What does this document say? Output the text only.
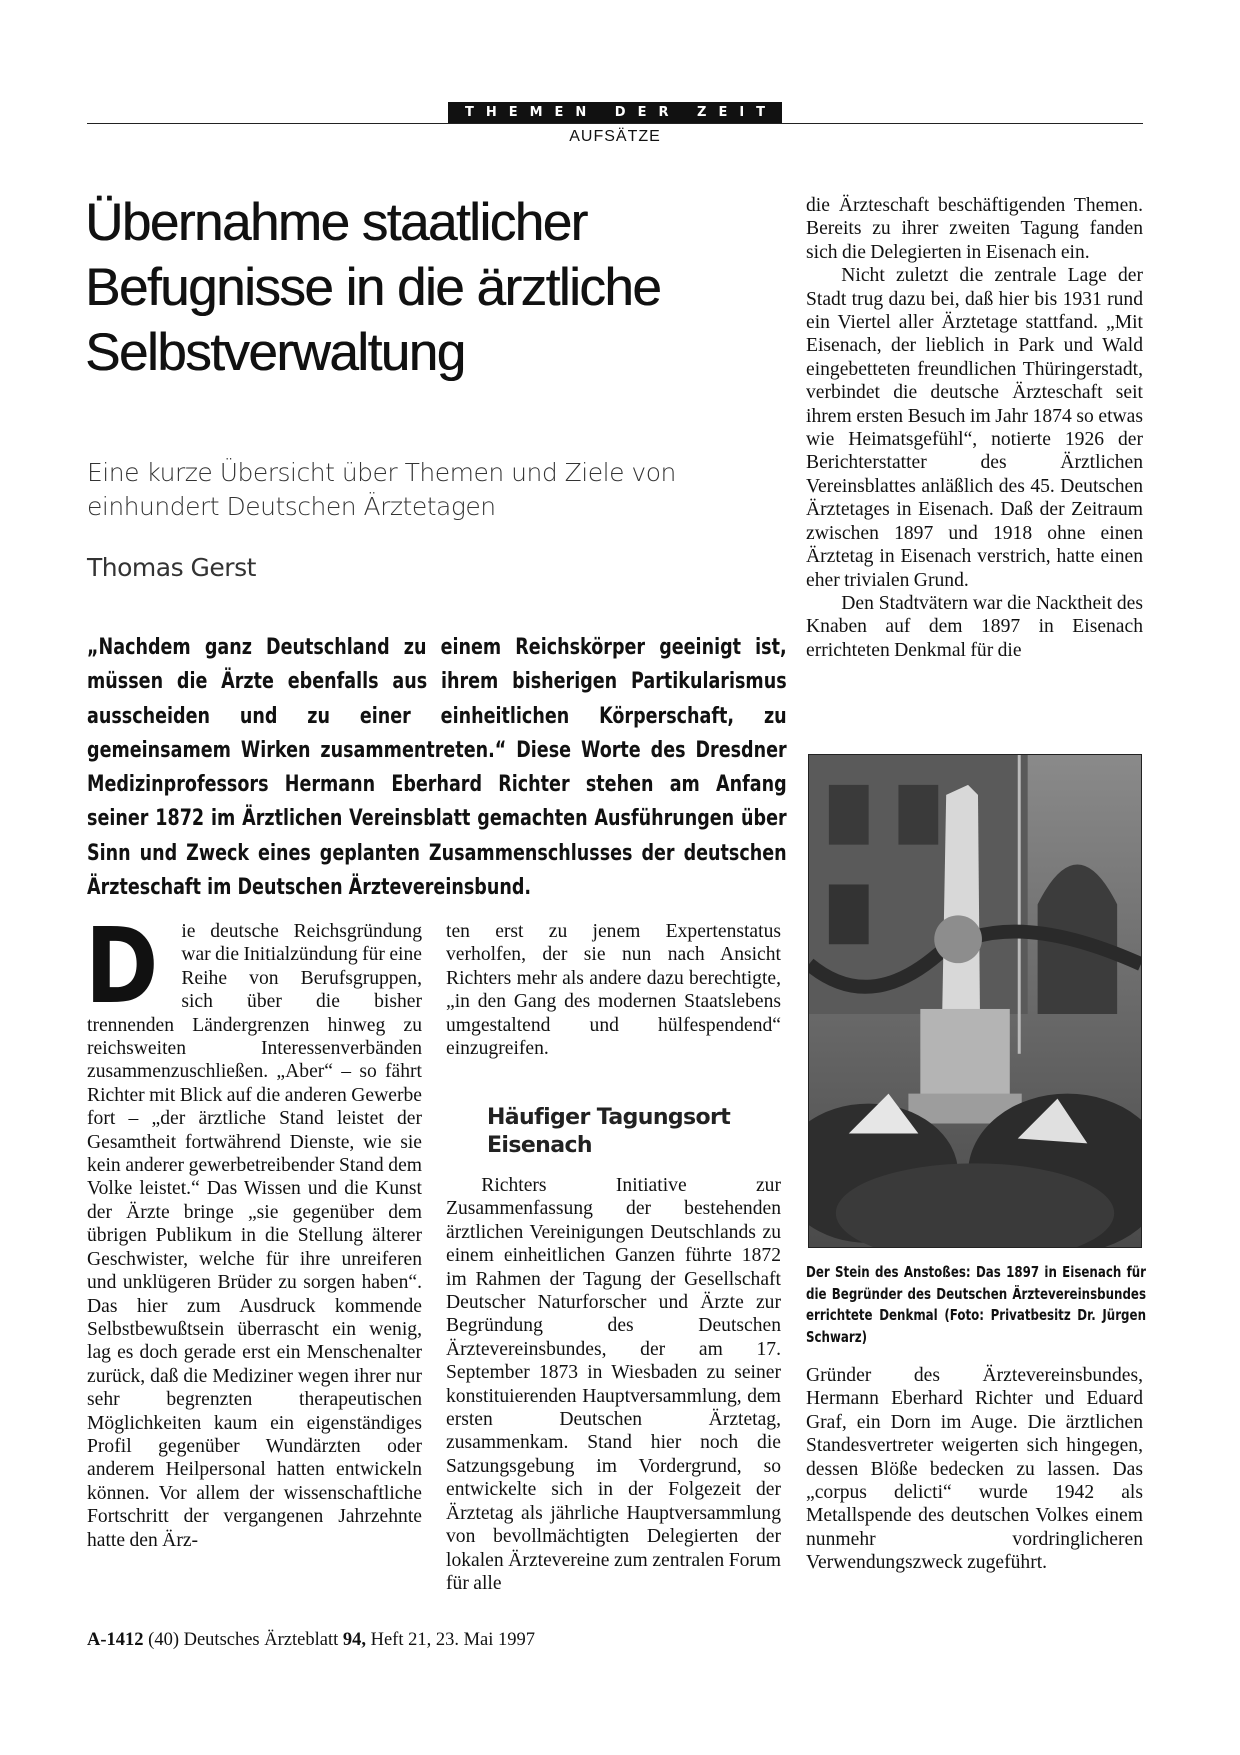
THEMEN DER ZEIT
AUFSÄTZE
Übernahme staatlicher Befugnisse in die ärztliche Selbstverwaltung

Eine kurze Übersicht über Themen und Ziele von einhundert Deutschen Ärztetagen

Thomas Gerst

„Nachdem ganz Deutschland zu einem Reichskörper geeinigt ist, müssen die Ärzte ebenfalls aus ihrem bisherigen Partikularismus ausscheiden und zu einer einheitlichen Körperschaft, zu gemeinsamem Wirken zusammentreten.“ Diese Worte des Dresdner Medizinprofessors Hermann Eberhard Richter stehen am Anfang seiner 1872 im Ärztlichen Vereinsblatt gemachten Ausführungen über Sinn und Zweck eines geplanten Zusammenschlusses der deutschen Ärzteschaft im Deutschen Ärztevereinsbund.

D	ie deutsche Reichsgründung war die Initialzündung für eine Reihe von Berufsgruppen, sich über die bisher trennenden Ländergrenzen hinweg zu reichsweiten Interessenverbänden zusammenzuschließen. „Aber“ – so fährt Richter mit Blick auf die anderen Gewerbe fort – „der ärztliche Stand leistet der Gesamtheit fortwährend Dienste, wie sie kein anderer gewerbetreibender Stand dem Volke leistet.“ Das Wissen und die Kunst der Ärzte bringe „sie gegenüber dem übrigen Publikum in die Stellung älterer Geschwister, welche für ihre unreiferen und unklügeren Brüder zu sorgen haben“. Das hier zum Ausdruck kommende Selbstbewußtsein überrascht ein wenig, lag es doch gerade erst ein Menschenalter zurück, daß die Mediziner wegen ihrer nur sehr begrenzten therapeutischen Möglichkeiten kaum ein eigenständiges Profil gegenüber Wundärzten oder anderem Heilpersonal hatten entwickeln können. Vor allem der wissenschaftliche Fortschritt der vergangenen Jahrzehnte hatte den Ärz-

ten erst zu jenem Expertenstatus verholfen, der sie nun nach Ansicht Richters mehr als andere dazu berechtigte, „in den Gang des modernen Staatslebens umgestaltend und hülfespendend“ einzugreifen.

Häufiger Tagungsort Eisenach

Richters Initiative zur Zusammenfassung der bestehenden ärztlichen Vereinigungen Deutschlands zu einem einheitlichen Ganzen führte 1872 im Rahmen der Tagung der Gesellschaft Deutscher Naturforscher und Ärzte zur Begründung des Deutschen Ärztevereinsbundes, der am 17. September 1873 in Wiesbaden zu seiner konstituierenden Hauptversammlung, dem ersten Deutschen Ärztetag, zusammenkam. Stand hier noch die Satzungsgebung im Vordergrund, so entwickelte sich in der Folgezeit der Ärztetag als jährliche Hauptversammlung von bevollmächtigten Delegierten der lokalen Ärztevereine zum zentralen Forum für alle

die Ärzteschaft beschäftigenden Themen. Bereits zu ihrer zweiten Tagung fanden sich die Delegierten in Eisenach ein.

Nicht zuletzt die zentrale Lage der Stadt trug dazu bei, daß hier bis 1931 rund ein Viertel aller Ärztetage stattfand. „Mit Eisenach, der lieblich in Park und Wald eingebetteten freundlichen Thüringerstadt, verbindet die deutsche Ärzteschaft seit ihrem ersten Besuch im Jahr 1874 so etwas wie Heimatsgefühl“, notierte 1926 der Berichterstatter des Ärztlichen Vereinsblattes anläßlich des 45. Deutschen Ärztetages in Eisenach. Daß der Zeitraum zwischen 1897 und 1918 ohne einen Ärztetag in Eisenach verstrich, hatte einen eher trivialen Grund.

Den Stadtvätern war die Nacktheit des Knaben auf dem 1897 in Eisenach errichteten Denkmal für die

Der Stein des Anstoßes: Das 1897 in Eisenach für die Begründer des Deutschen Ärztevereinsbundes errichtete Denkmal (Foto: Privatbesitz Dr. Jürgen Schwarz)

Gründer des Ärztevereinsbundes, Hermann Eberhard Richter und Eduard Graf, ein Dorn im Auge. Die ärztlichen Standesvertreter weigerten sich hingegen, dessen Blöße bedecken zu lassen. Das „corpus delicti“ wurde 1942 als Metallspende des deutschen Volkes einem nunmehr vordringlicheren Verwendungszweck zugeführt.

A-1412 (40) Deutsches Ärzteblatt 94, Heft 21, 23. Mai 1997
